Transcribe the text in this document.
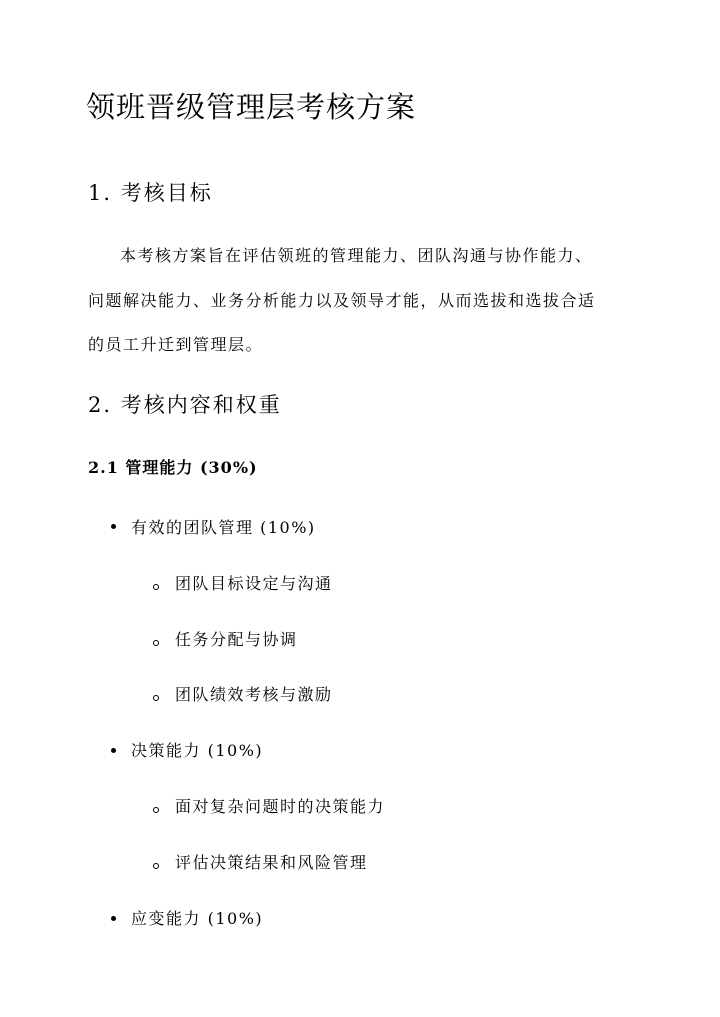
领班晋级管理层考核方案
1. 考核目标
本考核方案旨在评估领班的管理能力、团队沟通与协作能力、
问题解决能力、业务分析能力以及领导才能，从而选拔和选拔合适
的员工升迁到管理层。
2. 考核内容和权重
2.1 管理能力 (30%)
有效的团队管理 (10%)
团队目标设定与沟通
任务分配与协调
团队绩效考核与激励
决策能力 (10%)
面对复杂问题时的决策能力
评估决策结果和风险管理
应变能力 (10%)
